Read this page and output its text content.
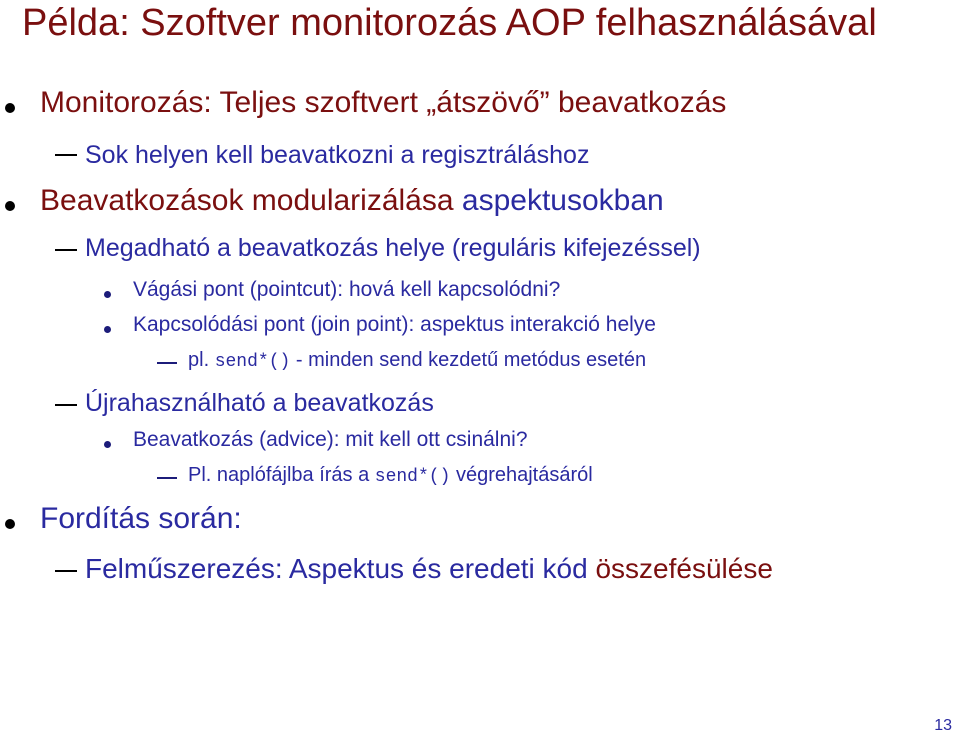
Példa: Szoftver monitorozás AOP felhasználásával
Monitorozás: Teljes szoftvert „átszövő” beavatkozás
Sok helyen kell beavatkozni a regisztráláshoz
Beavatkozások modularizálása aspektusokban
Megadható a beavatkozás helye (reguláris kifejezéssel)
Vágási pont (pointcut): hová kell kapcsolódni?
Kapcsolódási pont (join point): aspektus interakció helye
pl. send*() - minden send kezdetű metódus esetén
Újrahasználható a beavatkozás
Beavatkozás (advice): mit kell ott csinálni?
Pl. naplófájlba írás a send*() végrehajtásáról
Fordítás során:
Felműszerezés: Aspektus és eredeti kód összefésülése
13
